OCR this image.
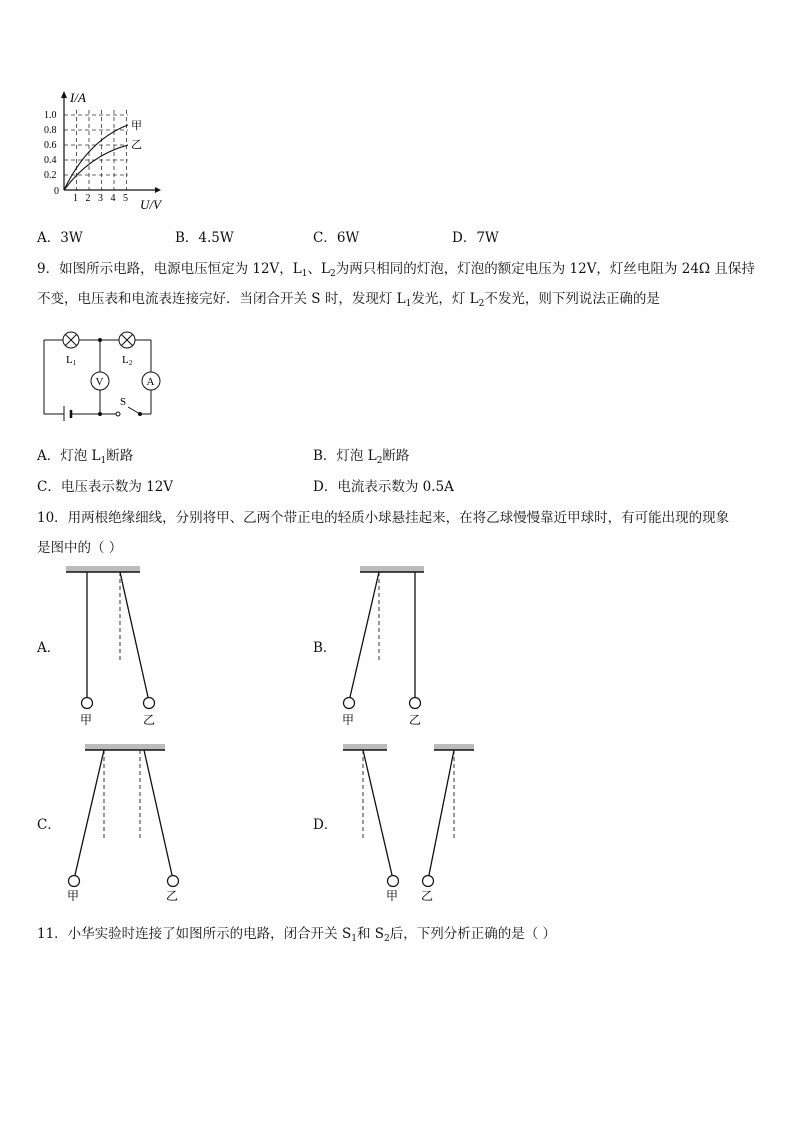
I/A
U/V
1.0
0.8
0.6
0.4
0.2
0
1 2 3 4 5
甲
乙
A．3W	B．4.5W	C．6W	D．7W
9．如图所示电路，电源电压恒定为 12V，$L_1$、$L_2$为两只相同的灯泡，灯泡的额定电压为 12V，灯丝电阻为 24Ω 且保持
不变，电压表和电流表连接完好．当闭合开关 S 时，发现灯 $L_1$发光，灯 $L_2$不发光，则下列说法正确的是
L1	L2
V	A
S
A．灯泡 $L_1$断路	B．灯泡 $L_2$断路
C．电压表示数为 12V	D．电流表示数为 0.5A
10．用两根绝缘细线，分别将甲、乙两个带正电的轻质小球悬挂起来，在将乙球慢慢靠近甲球时，有可能出现的现象
是图中的（ ）
A．	B．
C．	D．
甲	乙	甲	乙
甲	乙	甲 乙
11．小华实验时连接了如图所示的电路，闭合开关 $S_1$和 $S_2$后，下列分析正确的是（ ）
